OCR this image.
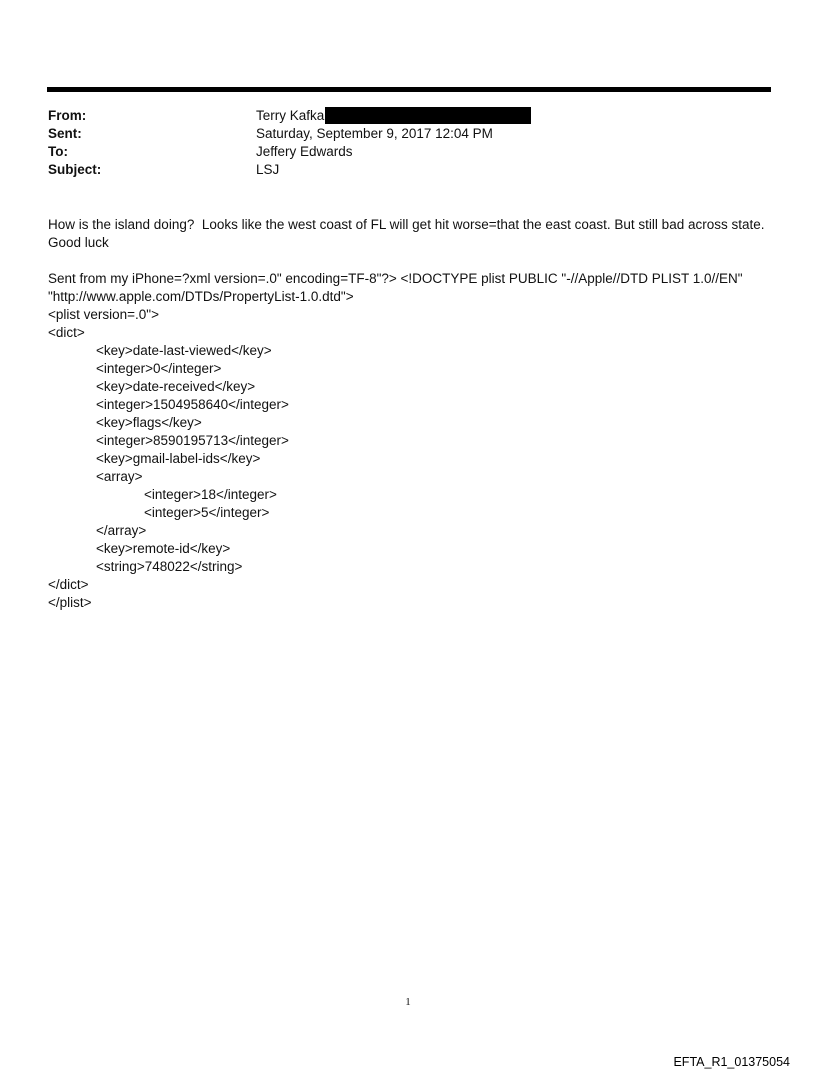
From:	Terry Kafka
Sent:	Saturday, September 9, 2017 12:04 PM
To:	Jeffery Edwards
Subject:	LSJ
How is the island doing?  Looks like the west coast of FL will get hit worse=that the east coast. But still bad across state.
Good luck
Sent from my iPhone=?xml version=.0" encoding=TF-8"?> <!DOCTYPE plist PUBLIC "-//Apple//DTD PLIST 1.0//EN"
"http://www.apple.com/DTDs/PropertyList-1.0.dtd">
<plist version=.0">
<dict>
<key>date-last-viewed</key>
<integer>0</integer>
<key>date-received</key>
<integer>1504958640</integer>
<key>flags</key>
<integer>8590195713</integer>
<key>gmail-label-ids</key>
<array>
<integer>18</integer>
<integer>5</integer>
</array>
<key>remote-id</key>
<string>748022</string>
</dict>
</plist>
1
EFTA_R1_01375054
